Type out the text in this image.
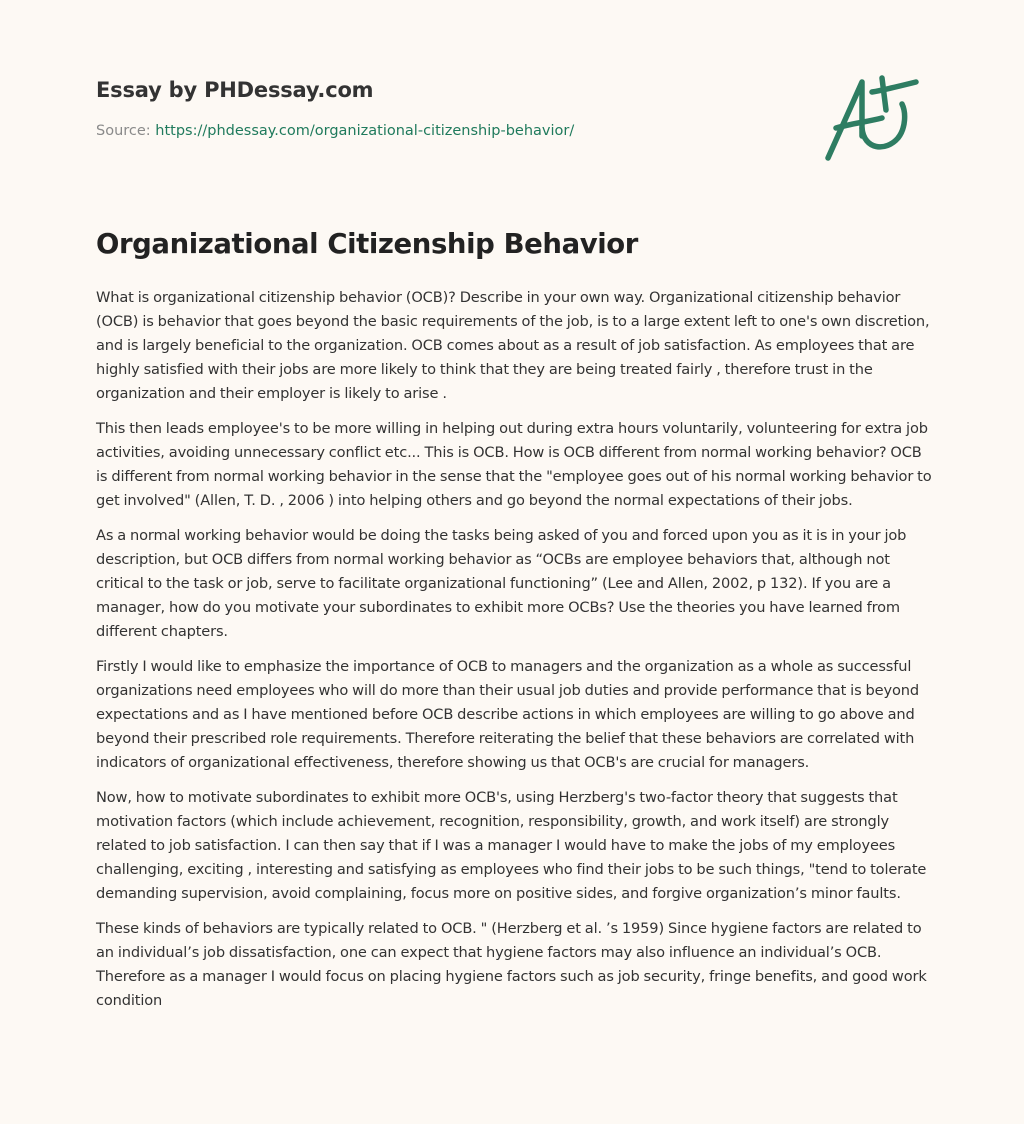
Essay by PHDessay.com
Source: https://phdessay.com/organizational-citizenship-behavior/
Organizational Citizenship Behavior

What is organizational citizenship behavior (OCB)? Describe in your own way. Organizational citizenship behavior (OCB) is behavior that goes beyond the basic requirements of the job, is to a large extent left to one's own discretion, and is largely beneficial to the organization. OCB comes about as a result of job satisfaction. As employees that are highly satisfied with their jobs are more likely to think that they are being treated fairly , therefore trust in the organization and their employer is likely to arise .

This then leads employee's to be more willing in helping out during extra hours voluntarily, volunteering for extra job activities, avoiding unnecessary conflict etc... This is OCB. How is OCB different from normal working behavior? OCB is different from normal working behavior in the sense that the "employee goes out of his normal working behavior to get involved" (Allen, T. D. , 2006 ) into helping others and go beyond the normal expectations of their jobs.

As a normal working behavior would be doing the tasks being asked of you and forced upon you as it is in your job description, but OCB differs from normal working behavior as “OCBs are employee behaviors that, although not critical to the task or job, serve to facilitate organizational functioning” (Lee and Allen, 2002, p 132). If you are a manager, how do you motivate your subordinates to exhibit more OCBs? Use the theories you have learned from different chapters.

Firstly I would like to emphasize the importance of OCB to managers and the organization as a whole as successful organizations need employees who will do more than their usual job duties and provide performance that is beyond expectations and as I have mentioned before OCB describe actions in which employees are willing to go above and beyond their prescribed role requirements. Therefore reiterating the belief that these behaviors are correlated with indicators of organizational effectiveness, therefore showing us that OCB's are crucial for managers.

Now, how to motivate subordinates to exhibit more OCB's, using Herzberg's two-factor theory that suggests that motivation factors (which include achievement, recognition, responsibility, growth, and work itself) are strongly related to job satisfaction. I can then say that if I was a manager I would have to make the jobs of my employees challenging, exciting , interesting and satisfying as employees who find their jobs to be such things, "tend to tolerate demanding supervision, avoid complaining, focus more on positive sides, and forgive organization’s minor faults.

These kinds of behaviors are typically related to OCB. " (Herzberg et al. ’s 1959) Since hygiene factors are related to an individual’s job dissatisfaction, one can expect that hygiene factors may also influence an individual’s OCB. Therefore as a manager I would focus on placing hygiene factors such as job security, fringe benefits, and good work condition
